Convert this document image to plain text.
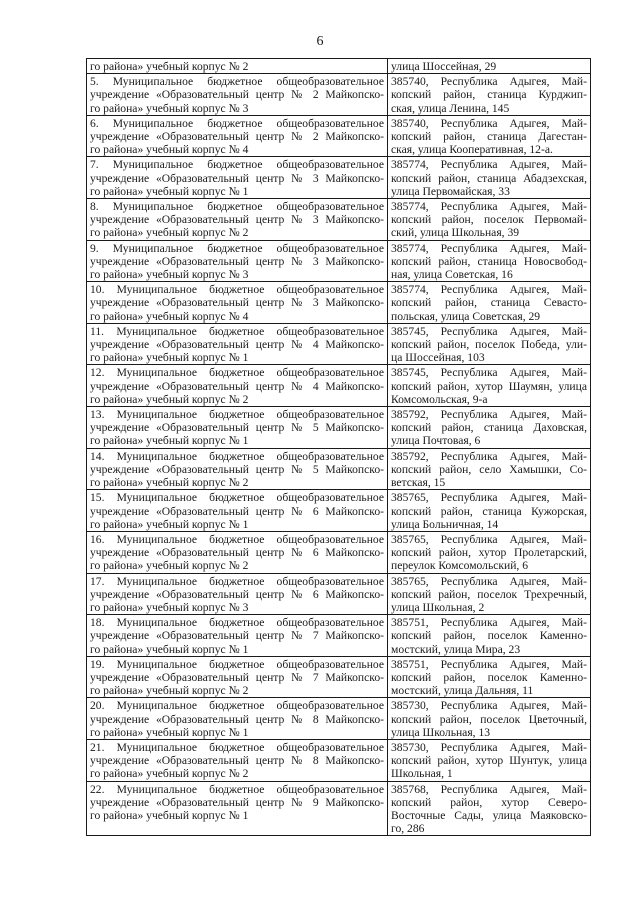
6
го района» учебный корпус № 2	улица Шоссейная, 29

5. Муниципальное бюджетное общеобразовательное
учреждение «Образовательный центр № 2 Майкопско-
го района» учебный корпус № 3	385740, Республика Адыгея, Май-
копский район, станица Курджип-
ская, улица Ленина, 145

6. Муниципальное бюджетное общеобразовательное
учреждение «Образовательный центр № 2 Майкопско-
го района» учебный корпус № 4	385740, Республика Адыгея, Май-
копский район, станица Дагестан-
ская, улица Кооперативная, 12-а.

7. Муниципальное бюджетное общеобразовательное
учреждение «Образовательный центр № 3 Майкопско-
го района» учебный корпус № 1	385774, Республика Адыгея, Май-
копский район, станица Абадзехская,
улица Первомайская, 33

8. Муниципальное бюджетное общеобразовательное
учреждение «Образовательный центр № 3 Майкопско-
го района» учебный корпус № 2	385774, Республика Адыгея, Май-
копский район, поселок Первомай-
ский, улица Школьная, 39

9. Муниципальное бюджетное общеобразовательное
учреждение «Образовательный центр № 3 Майкопско-
го района» учебный корпус № 3	385774, Республика Адыгея, Май-
копский район, станица Новосвобод-
ная, улица Советская, 16

10. Муниципальное бюджетное общеобразовательное
учреждение «Образовательный центр № 3 Майкопско-
го района» учебный корпус № 4	385774, Республика Адыгея, Май-
копский район, станица Севасто-
польская, улица Советская, 29

11. Муниципальное бюджетное общеобразовательное
учреждение «Образовательный центр № 4 Майкопско-
го района» учебный корпус № 1	385745, Республика Адыгея, Май-
копский район, поселок Победа, ули-
ца Шоссейная, 103

12. Муниципальное бюджетное общеобразовательное
учреждение «Образовательный центр № 4 Майкопско-
го района» учебный корпус № 2	385745, Республика Адыгея, Май-
копский район, хутор Шаумян, улица
Комсомольская, 9-а

13. Муниципальное бюджетное общеобразовательное
учреждение «Образовательный центр № 5 Майкопско-
го района» учебный корпус № 1	385792, Республика Адыгея, Май-
копский район, станица Даховская,
улица Почтовая, 6

14. Муниципальное бюджетное общеобразовательное
учреждение «Образовательный центр № 5 Майкопско-
го района» учебный корпус № 2	385792, Республика Адыгея, Май-
копский район, село Хамышки, Со-
ветская, 15

15. Муниципальное бюджетное общеобразовательное
учреждение «Образовательный центр № 6 Майкопско-
го района» учебный корпус № 1	385765, Республика Адыгея, Май-
копский район, станица Кужорская,
улица Больничная, 14

16. Муниципальное бюджетное общеобразовательное
учреждение «Образовательный центр № 6 Майкопско-
го района» учебный корпус № 2	385765, Республика Адыгея, Май-
копский район, хутор Пролетарский,
переулок Комсомольский, 6

17. Муниципальное бюджетное общеобразовательное
учреждение «Образовательный центр № 6 Майкопско-
го района» учебный корпус № 3	385765, Республика Адыгея, Май-
копский район, поселок Трехречный,
улица Школьная, 2

18. Муниципальное бюджетное общеобразовательное
учреждение «Образовательный центр № 7 Майкопско-
го района» учебный корпус № 1	385751, Республика Адыгея, Май-
копский район, поселок Каменно-
мостский, улица Мира, 23

19. Муниципальное бюджетное общеобразовательное
учреждение «Образовательный центр № 7 Майкопско-
го района» учебный корпус № 2	385751, Республика Адыгея, Май-
копский район, поселок Каменно-
мостский, улица Дальняя, 11

20. Муниципальное бюджетное общеобразовательное
учреждение «Образовательный центр № 8 Майкопско-
го района» учебный корпус № 1	385730, Республика Адыгея, Май-
копский район, поселок Цветочный,
улица Школьная, 13

21. Муниципальное бюджетное общеобразовательное
учреждение «Образовательный центр № 8 Майкопско-
го района» учебный корпус № 2	385730, Республика Адыгея, Май-
копский район, хутор Шунтук, улица
Школьная, 1

22. Муниципальное бюджетное общеобразовательное
учреждение «Образовательный центр № 9 Майкопско-
го района» учебный корпус № 1	385768, Республика Адыгея, Май-
копский район, хутор Северо-
Восточные Сады, улица Маяковско-
го, 286
